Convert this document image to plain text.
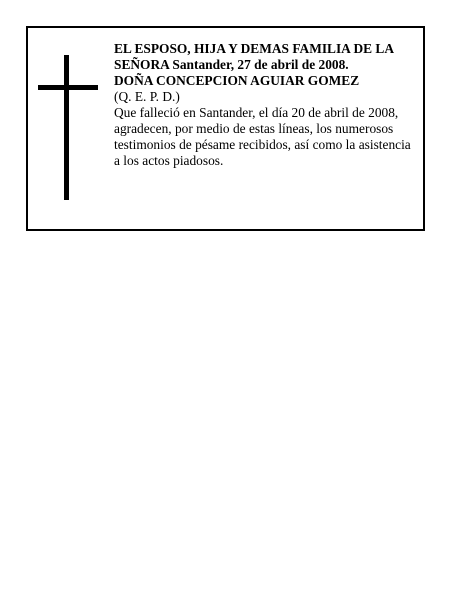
EL ESPOSO, HIJA Y DEMAS FAMILIA DE LA

SEÑORA Santander, 27 de abril de 2008.

DOÑA CONCEPCION AGUIAR GOMEZ

(Q. E. P. D.)

Que falleció en Santander, el día 20 de abril de 2008, agradecen, por medio de estas líneas, los numerosos testimonios de pésame recibidos, así como la asistencia a los actos piadosos.
